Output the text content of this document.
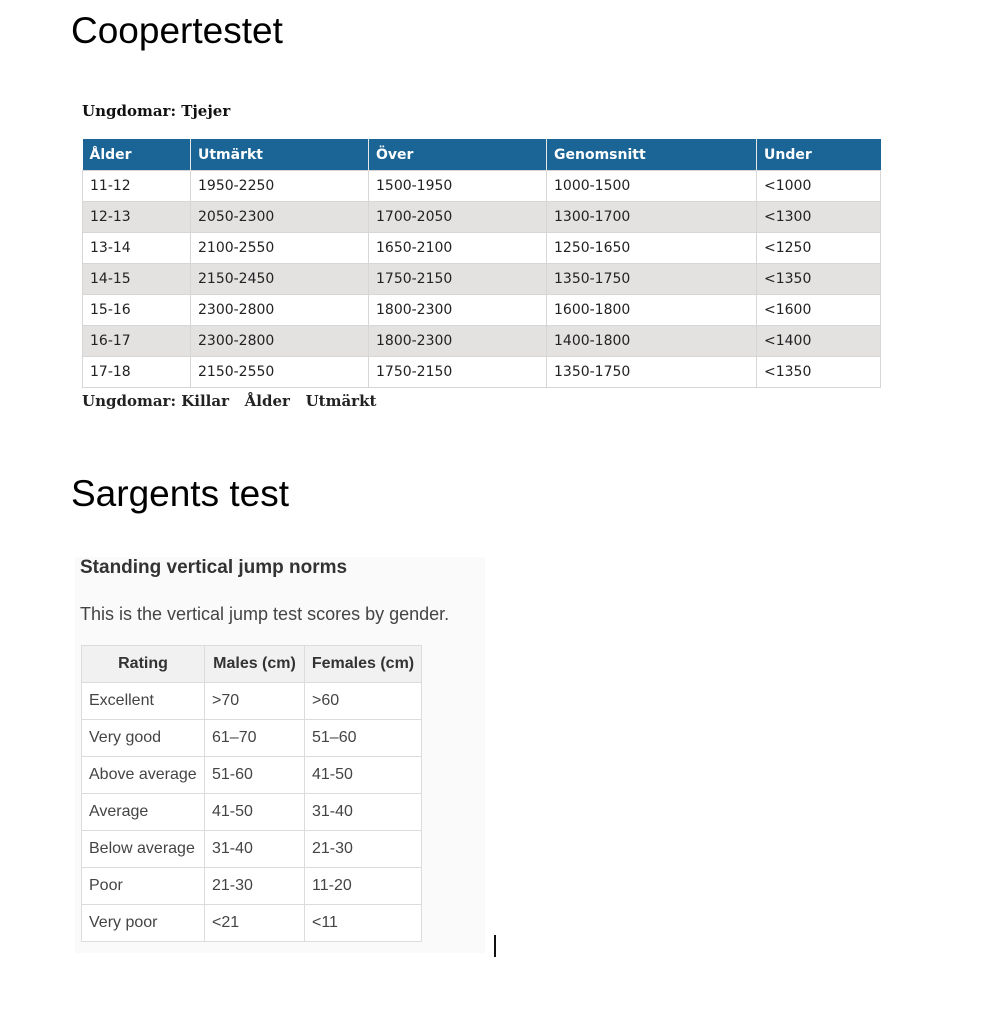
Coopertestet
Ungdomar: Tjejer
Ålder	Utmärkt	Över	Genomsnitt	Under
11-12	1950-2250	1500-1950	1000-1500	<1000
12-13	2050-2300	1700-2050	1300-1700	<1300
13-14	2100-2550	1650-2100	1250-1650	<1250
14-15	2150-2450	1750-2150	1350-1750	<1350
15-16	2300-2800	1800-2300	1600-1800	<1600
16-17	2300-2800	1800-2300	1400-1800	<1400
17-18	2150-2550	1750-2150	1350-1750	<1350
Ungdomar: Killar   Ålder   Utmärkt
Sargents test
Standing vertical jump norms
This is the vertical jump test scores by gender.
Rating	Males (cm)	Females (cm)
Excellent	>70	>60
Very good	61–70	51–60
Above average	51-60	41-50
Average	41-50	31-40
Below average	31-40	21-30
Poor	21-30	11-20
Very poor	<21	<11
